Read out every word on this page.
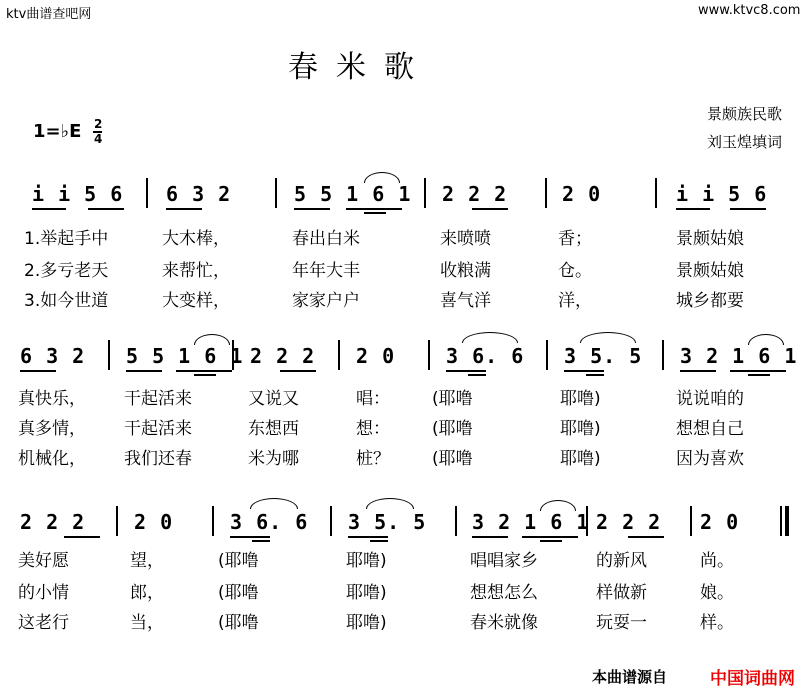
ktv曲谱查吧网	www.ktvc8.com
春米歌
景颇族民歌
刘玉煌填词
1=♭E 2
4
i i 5 6 6 3 2	5 5 1 6 1 2 2 2	2 0	i i 5 6
1.举起手中	大木棒，	春出白米	来喷喷	香；	景颇姑娘
2.多亏老天	来帮忙，	年年大丰	收粮满	仓。	景颇姑娘
3.如今世道	大变样，	家家户户	喜气洋	洋，	城乡都要
6 3 2 5 5 1 6 1 2 2 2 2 0	3 6. 6 3 5. 5 3 2 1 6 1
真快乐， 干起活来	又说又	唱： (耶噜	耶噜)	说说咱的
真多情， 干起活来	东想西	想： (耶噜	耶噜)	想想自己
机械化， 我们还春	米为哪	桩？ (耶噜	耶噜)	因为喜欢
2 2 2 2 0	3 6. 6 3 5. 5 3 2 1 6 1 2 2 2 2 0
美好愿	望，	(耶噜	耶噜)	唱唱家乡	的新风	尚。
的小情	郎，	(耶噜	耶噜)	想想怎么	样做新	娘。
这老行	当，	(耶噜	耶噜)	春米就像	玩耍一	样。
本曲谱源自	中国词曲网
